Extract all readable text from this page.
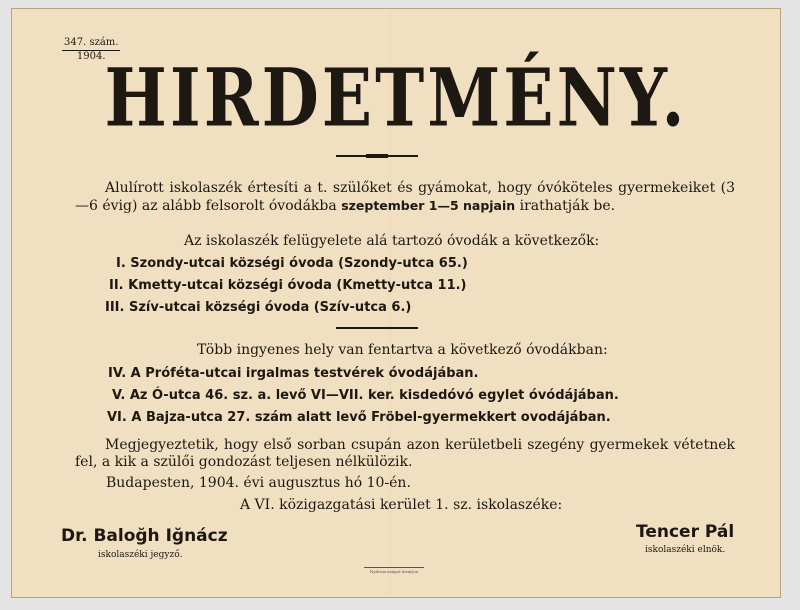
347. szám.
1904.
HIRDETMÉNY.

Alulírott iskolaszék értesíti a t. szülőket és gyámokat, hogy óvóköteles gyermekeiket (3—6 évig) az alább felsorolt óvodákba szeptember 1—5 napjain irathatják be.

Az iskolaszék felügyelete alá tartozó óvodák a következők:

I. Szondy-utcai községi óvoda (Szondy-utca 65.)
II. Kmetty-utcai községi óvoda (Kmetty-utca 11.)
III. Szív-utcai községi óvoda (Szív-utca 6.)

Több ingyenes hely van fentartva a következő óvodákban:

IV. A Próféta-utcai irgalmas testvérek óvodájában.
V. Az Ó-utca 46. sz. a. levő VI—VII. ker. kisdedóvó egylet óvódájában.
VI. A Bajza-utca 27. szám alatt levő Fröbel-gyermekkert ovodájában.

Megjegyeztetik, hogy első sorban csupán azon kerületbeli szegény gyermekek vétetnek fel, a kik a szülői gondozást teljesen nélkülözik.

Budapesten, 1904. évi augusztus hó 10-én.

A VI. közigazgatási kerület 1. sz. iskolaszéke:

Dr. Baloğh Iğnácz
iskolaszéki jegyző.
Tencer Pál
iskolaszéki elnök.
Nyilvánosságot kizárjon
